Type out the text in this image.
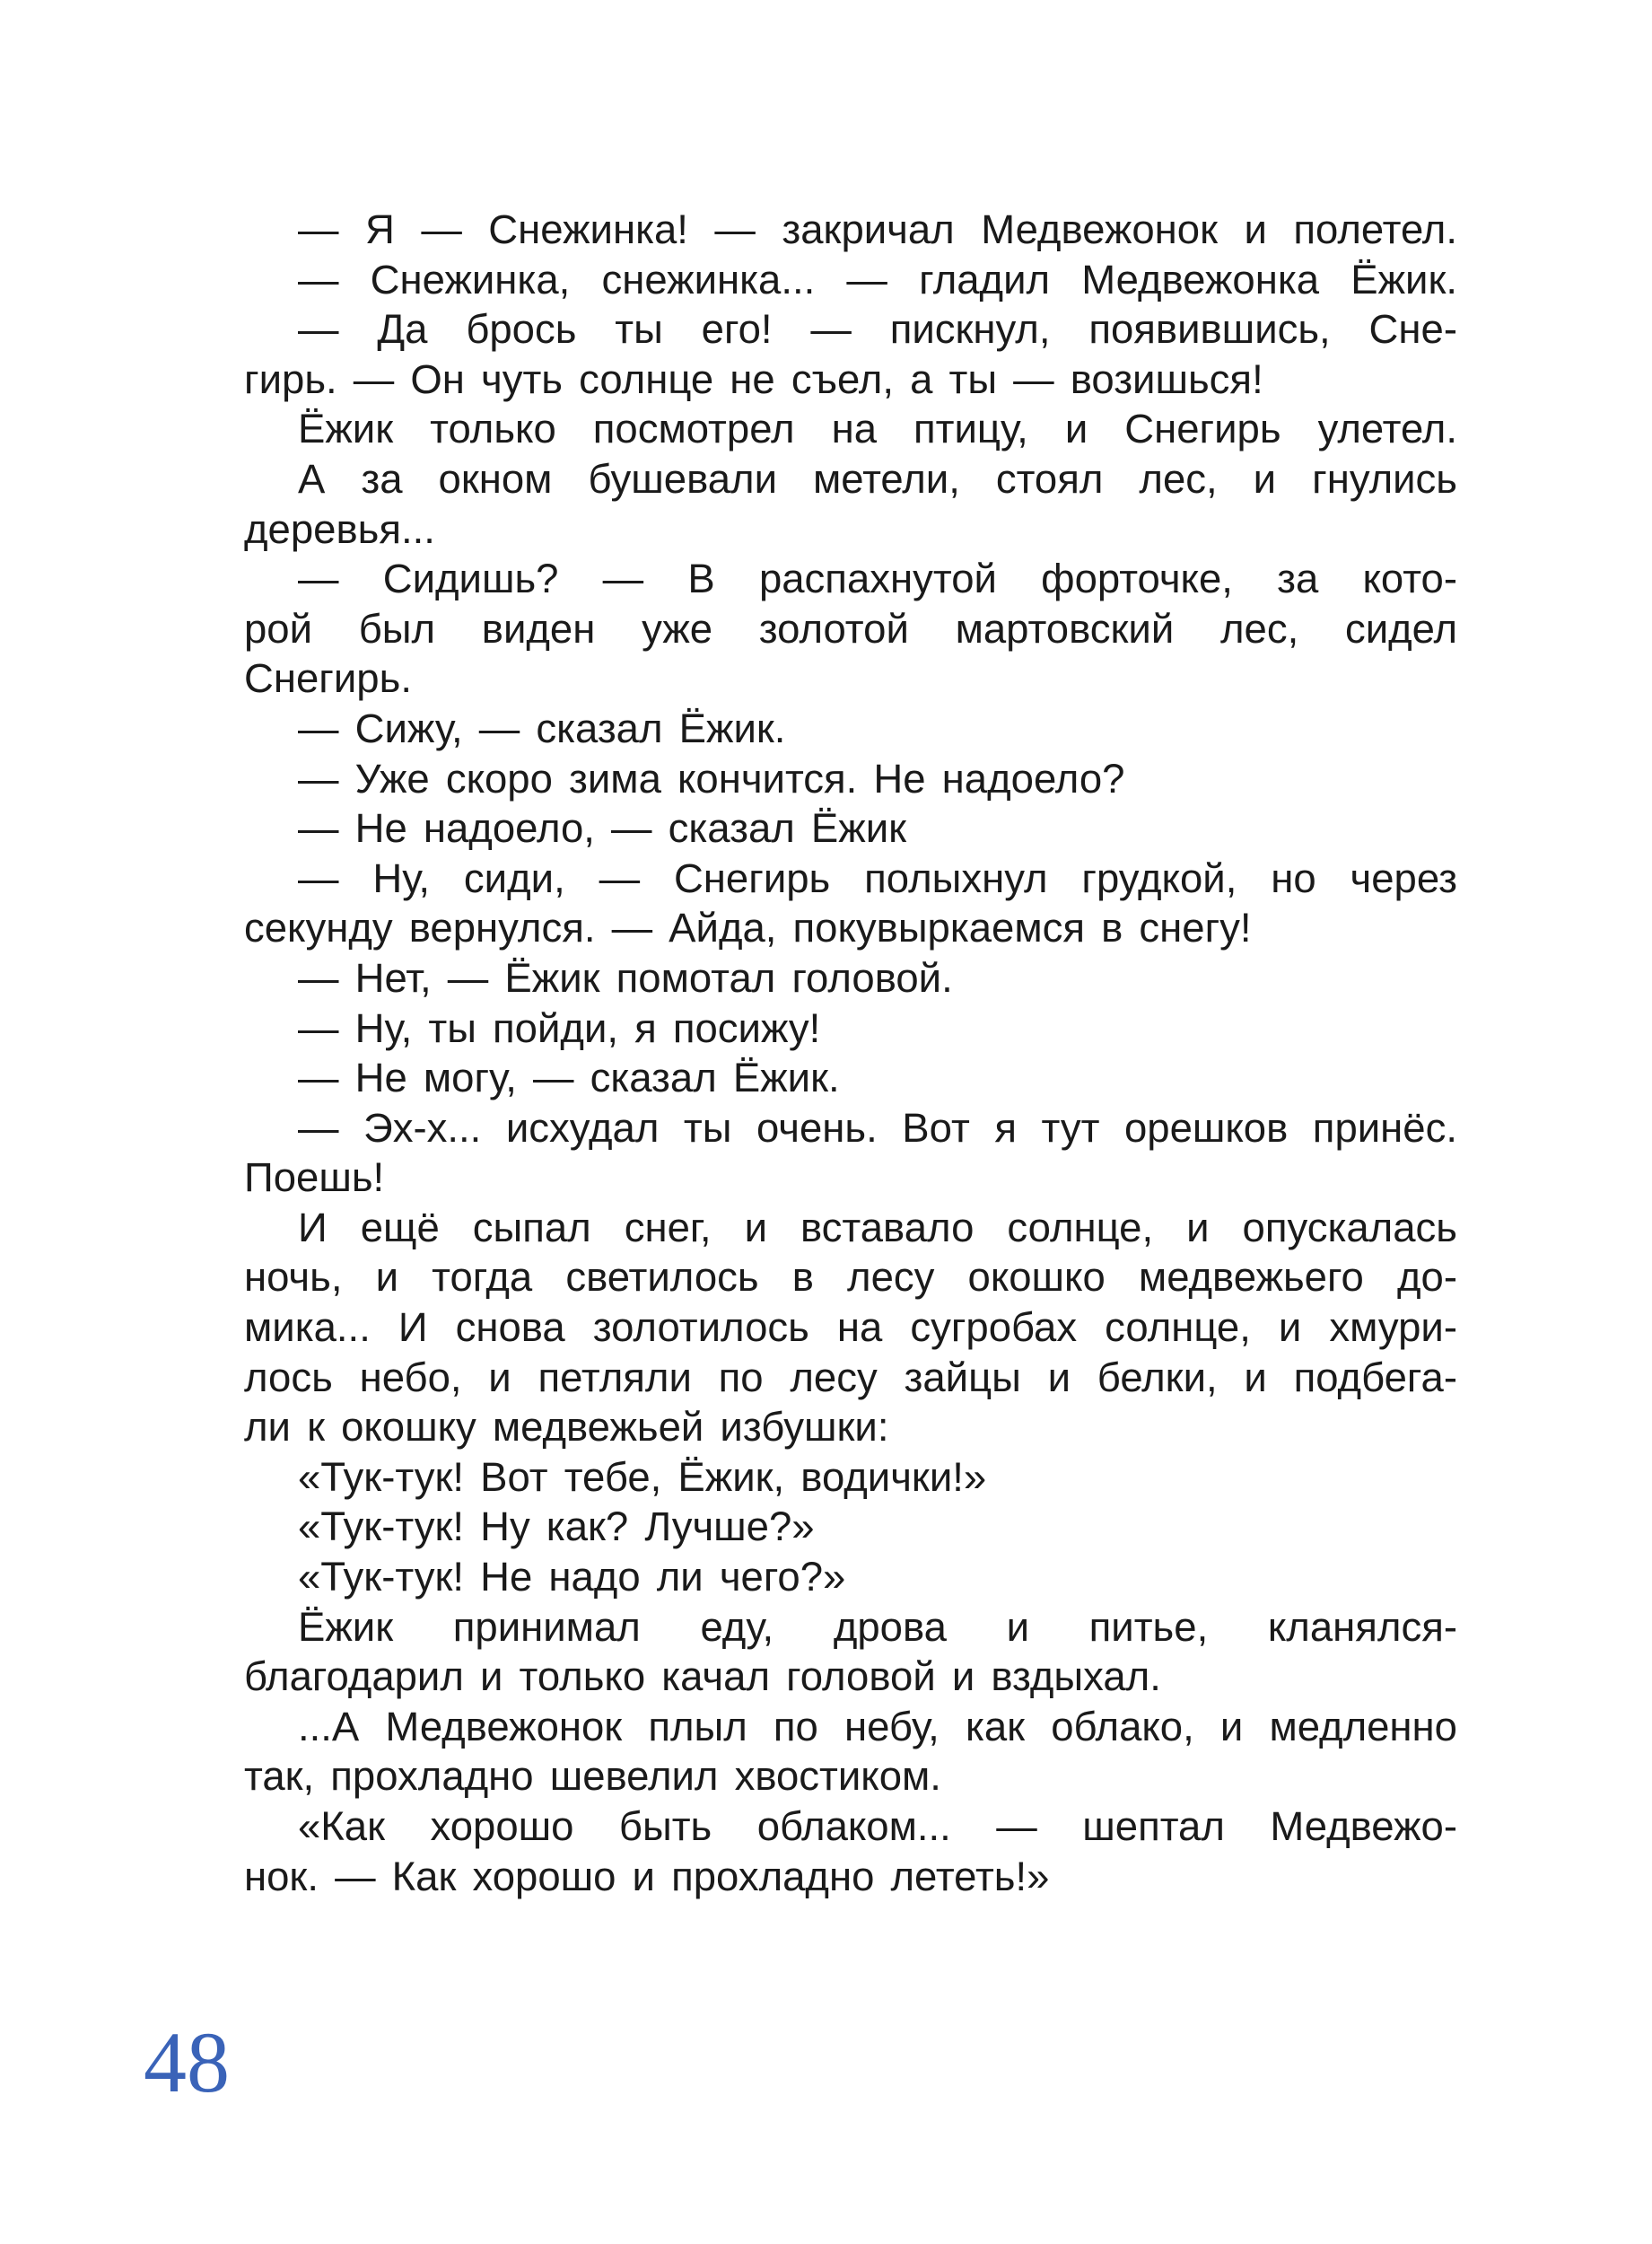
— Я — Снежинка! — закричал Медвежонок и полетел.
— Снежинка, снежинка... — гладил Медвежонка Ёжик.
— Да брось ты его! — пискнул, появившись, Сне-
гирь. — Он чуть солнце не съел, а ты — возишься!
Ёжик только посмотрел на птицу, и Снегирь улетел.
А за окном бушевали метели, стоял лес, и гнулись
деревья...
— Сидишь? — В распахнутой форточке, за кото-
рой был виден уже золотой мартовский лес, сидел
Снегирь.
— Сижу, — сказал Ёжик.
— Уже скоро зима кончится. Не надоело?
— Не надоело, — сказал Ёжик
— Ну, сиди, — Снегирь полыхнул грудкой, но через
секунду вернулся. — Айда, покувыркаемся в снегу!
— Нет, — Ёжик помотал головой.
— Ну, ты пойди, я посижу!
— Не могу, — сказал Ёжик.
— Эх-х... исхудал ты очень. Вот я тут орешков принёс.
Поешь!
И ещё сыпал снег, и вставало солнце, и опускалась
ночь, и тогда светилось в лесу окошко медвежьего до-
мика... И снова золотилось на сугробах солнце, и хмури-
лось небо, и петляли по лесу зайцы и белки, и подбега-
ли к окошку медвежьей избушки:
«Тук-тук! Вот тебе, Ёжик, водички!»
«Тук-тук! Ну как? Лучше?»
«Тук-тук! Не надо ли чего?»
Ёжик принимал еду, дрова и питье, кланялся-
благодарил и только качал головой и вздыхал.
...А Медвежонок плыл по небу, как облако, и медленно
так, прохладно шевелил хвостиком.
«Как хорошо быть облаком... — шептал Медвежо-
нок. — Как хорошо и прохладно лететь!»
48
